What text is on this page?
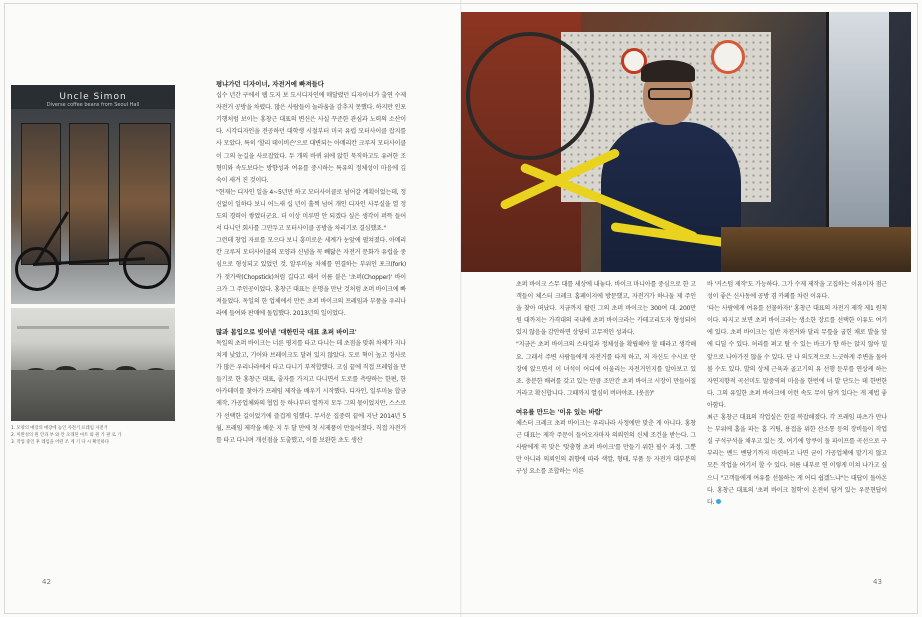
Uncle Simon
Diverse coffee beans from Seoul Hall
1. 모양의 매장의 매장에 놓인 자전거 프레임 자전거
2. 미완성의 원 안과 부 와 안 오래된 마트 와 원 가 판 로 가
3. 작업 중인 후 레임을 어떤 조 계 기 다 시 확인하다

평냐가던 디자이너, 자전거에 빠져들다

십수 년간 구에서 웹 도지 보 도시디자인에 매달렸던 디자이너가 출연 수제 자전거 공방을 차렸다. 많은 사람들이 놀라움을 감추지 못했다. 하지만 인포 기행처럼 보이는 홍창근 대표의 변신은 사실 꾸준한 관심과 노력의 소산이다. 시각디자인을 전공하던 대학생 시절부터 미국 유럽 모터사이클 잡지를 사 모았다. 특히 '할리 데이비슨'으로 대변되는 아메리칸 크루저 모터사이클이 그의 눈길을 사로잡았다. 두 개의 바퀴 위에 앉힌 묵직하고도 유려한 조형미와 속도보다는 방향성과 여유를 중시하는 특유의 정체성이 마음에 깊숙이 새겨 진 것이다.

"현재는 디자인 일을 4~5년만 하고 모터사이클로 넘어갈 계획이었는데, 정신없이 일하다 보니 어느새 십 년이 훌쩍 넘어 개인 디자인 사무실을 열 정도의 경력이 쌓였더군요. 더 이상 미루면 안 되겠다 싶은 생각이 퍼뜩 들어서 다니던 회사를 그만두고 모터사이클 공방을 차리기로 결심했죠."

그런데 창업 자료를 모으다 보니 흥미로운 세계가 눈앞에 펼쳐졌다. 아메리칸 크루저 모터사이클의 모양과 신념을 꼭 빼닮은 자전거 문화가 유럽을 중심으로 형성되고 있었던 것. 알루미늄 차체를 연결하는 부위인 포크(fork)가 젓가락(Chopstick)처럼 길다고 해서 이름 붙은 '초퍼(Chopper)' 바이크가 그 주인공이었다. 홍창근 대표는 운명을 만난 것처럼 초퍼 바이크에 빠져들었다. 독일의 한 업체에서 만든 초퍼 바이크의 프레임과 부품을 우리나라에 들여와 판매에 돌입했다. 2013년의 일이었다.

많과 몸입으로 빚어낸 '대한민국 대표 초퍼 바이크'

독일의 초퍼 바이크는 너른 평지를 타고 다니는 데 초점을 맞춰 차체가 지나치게 낮았고, 기어와 브레이크도 달려 있지 않았다. 도로 혁이 높고 정사로가 많은 우리나라에서 타고 다니기 부적합했다. 고심 끝에 직접 프레임을 만들기로 한 홍창근 대표, 줄자를 가지고 다니면서 도로를 측량하는 한편, 한 아카데미를 찾아가 프레임 제작을 배우기 시작했다. 디자인, 일루미늄 합금 제작, 가공업체와의 협업 등 하나부터 열까지 모두 그의 몫이었지만, 스스로가 선택한 길이었기에 즐겁게 임했다. 무서운 집중력 끝에 지난 2014년 5월, 프레임 제작을 배운 지 두 달 만에 첫 시제품이 만들어졌다. 직접 자전거를 타고 다니며 개선점을 도출했고, 이를 보완한 초도 생산

초퍼 바이크 스무 대를 세상에 내놓다. 바이크 마니아를 중심으로 한 고객들이 체스터 크레크 홈페이지에 방문했고, 자전거가 하나둘 제 주인을 찾아 떠났다. 지금까지 팔린 그의 초퍼 바이크는 300여 대. 200만 원 대까지는 가격대의 국내에 초퍼 바이크라는 카테고리도자 형성되어 있지 않음을 감안하면 상당히 고무적인 성과다.

"지금은 초퍼 바이크의 스타일과 정체성을 확립해야 할 때라고 생각해요. 그래서 주변 사람들에게 자전거를 타게 하고, 저 자신도 수시로 안장에 앉으면서 이 녀석이 어디에 어울리는 자전거인지를 알아보고 있죠. 충분한 배려를 갖고 있는 만큼 조만간 초퍼 바이크 시장이 만들어질 거라고 확신합니다. 그때까지 열심히 버텨야죠. (웃음)"

여유를 만드는 '이유 있는 바람'

체스터 크레크 초퍼 바이크는 우리나라 사정에만 맞춘 게 아니다. 홍창근 대표는 제작 주문이 들어오자마자 의뢰인의 신체 조건을 받는다. 그 사람에게 꼭 맞은 '맞춤형 초퍼 바이크'를 만들기 위한 필수 과정. 그뿐만 아니라 의뢰인의 취향에 따라 색깔, 형태, 부품 등 자전거 대부분의 구성 요소를 조합하는 이른

바 '커스텀 제작'도 가능하다. 그가 수제 제작을 고집하는 이유이자 점근성이 좋은 신사동에 공방 겸 카페를 차린 이유다.

'타는 사람에게 여유를 선물하자!' 홍창근 대표의 자전거 제작 제1 원칙이다. 따지고 보면 초퍼 바이크라는 생소한 장르를 선택한 이유도 여기에 있다. 초퍼 바이크는 일반 자전거와 달리 무릎을 굽힌 채로 발을 앞에 디딜 수 있다. 허리를 펴고 탈 수 있는 바크가 향 하는 앉지 않아 밀 앞으로 나아가진 않을 수 있다. 단 나 의도적으로 느긋하게 주변을 돌아볼 수도 있다. 발의 상체 근육과 골고기의 유 선행 둔부를 연상케 하는 자연지향적 곡선미도 말중역의 마음을 한번에 녀 발 단도는 데 한번한다. 그의 유일한 초퍼 바이크에 이런 속도 무이 담겨 있다는 게 제법 좋아함다.

최근 홍창근 대표의 작업실은 한결 복잡해졌다. 각 프레임 파츠가 만나는 부위에 홈을 파는 홈 커팅, 용접을 위한 산소통 등의 장비들이 작업실 구석구석을 채우고 있는 것. 여기에 앙쿠이 돌 파이프를 곡선으로 구부리는 벤드 벤당기까지 마련하고 나면 굳이 가공업체에 맡기지 않고 모든 작업을 여기서 할 수 있다. 허름 내부로 연 이렇게 미쳐 나가고 싶으니 "고객들에게 여유를 선물하는 게 어디 쉽겠느냐"는 대답이 돌아온다. 홍창근 대표의 '초퍼 바이크 철학'이 온전히 담겨 있는 우문현답이다.

42	43
